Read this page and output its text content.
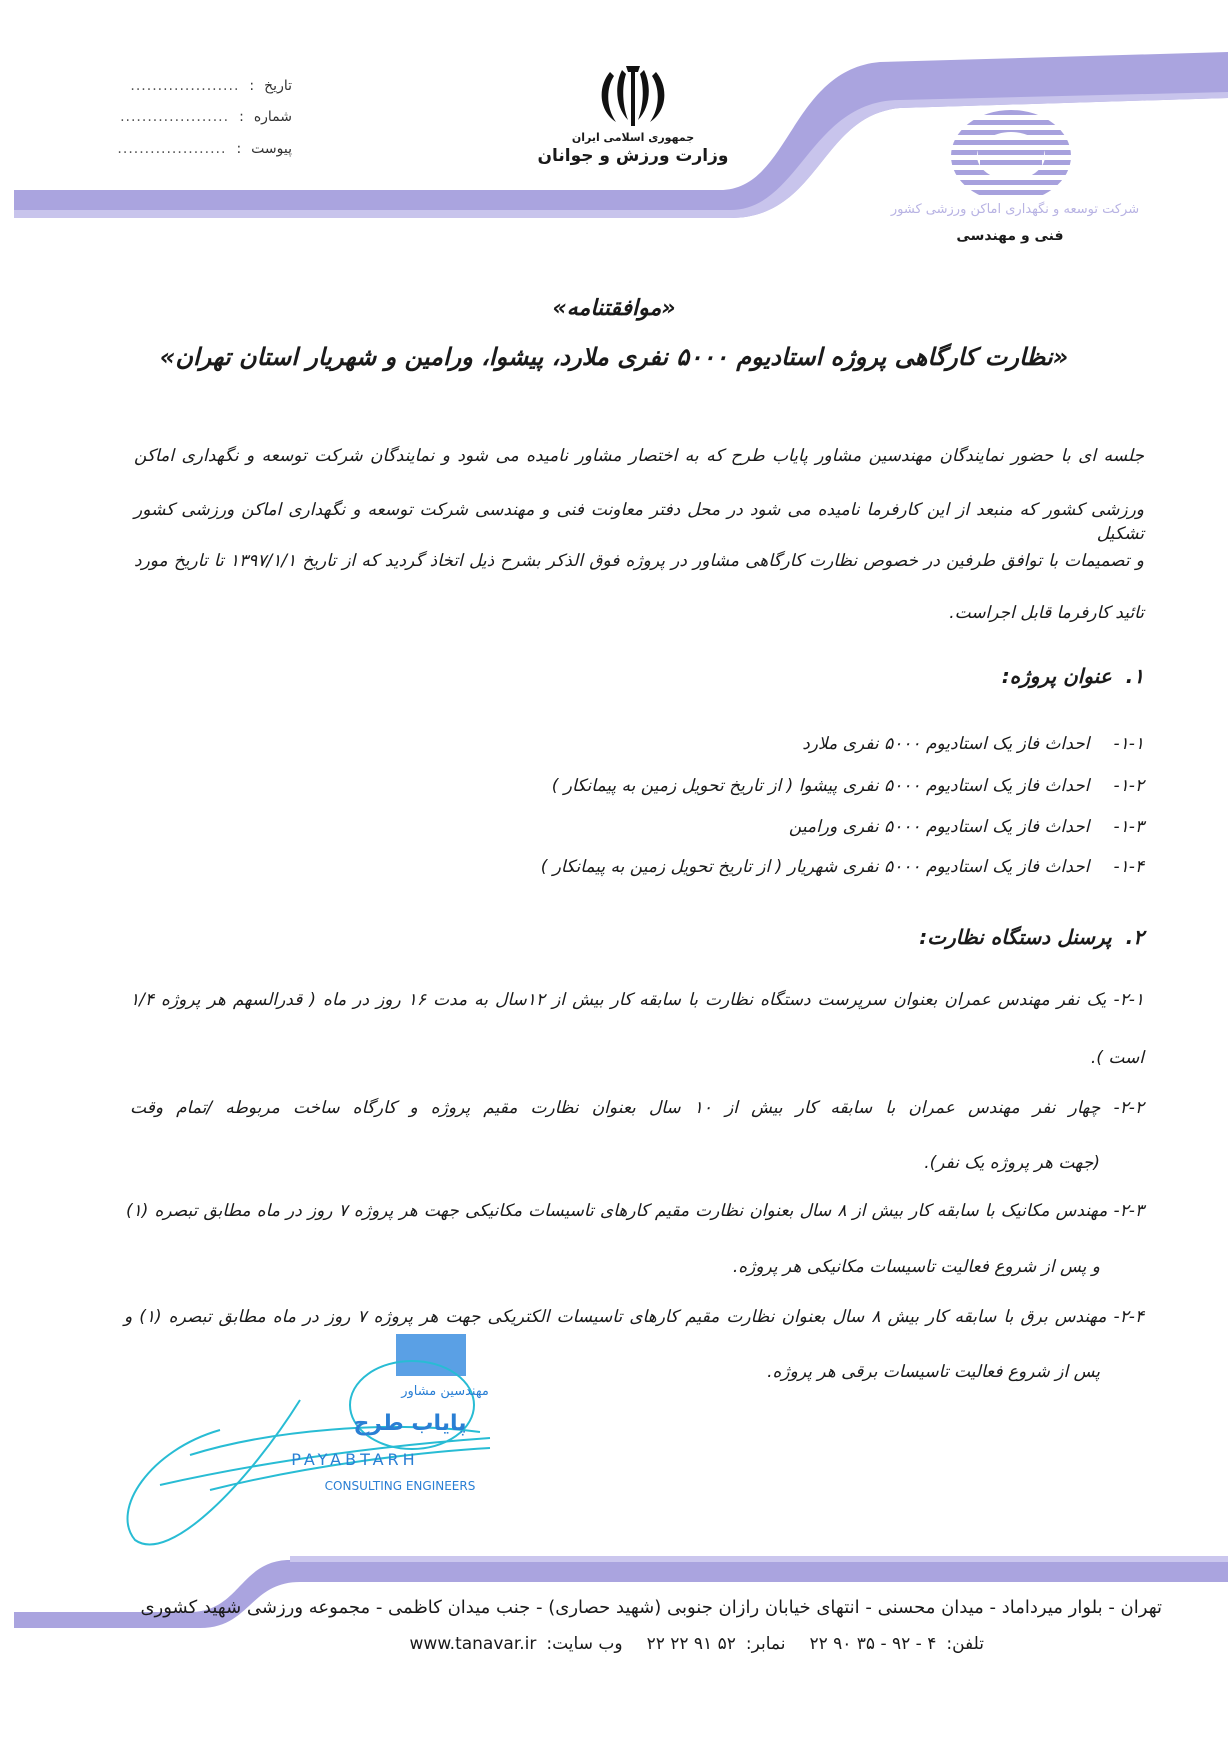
تاریخ
:
....................
شماره
:
....................
پیوست
:
....................
جمهوری اسلامی ایران
وزارت ورزش و جوانان
شرکت توسعه و نگهداری اماکن ورزشی کشور
فنی و مهندسی
«موافقتنامه»
«نظارت کارگاهی پروژه استادیوم ۵۰۰۰ نفری ملارد، پیشوا، ورامین و شهریار استان تهران»
مهندسین مشاور
پایاب طرح
PAYABTARH
CONSULTING ENGINEERS
جلسه ای با حضور نمایندگان مهندسین مشاور پایاب طرح که به اختصار مشاور نامیده می شود و نمایندگان شرکت توسعه و نگهداری اماکن
ورزشی کشور که منبعد از این کارفرما نامیده می شود در محل دفتر معاونت فنی و مهندسی شرکت توسعه و نگهداری اماکن ورزشی کشور تشکیل
و تصمیمات با توافق طرفین در خصوص نظارت کارگاهی مشاور در پروژه فوق الذکر بشرح ذیل اتخاذ گردید که از تاریخ ۱۳۹۷/۱/۱ تا تاریخ مورد
تائید کارفرما قابل اجراست.
۱.عنوان پروژه:
۱-۱-احداث فاز یک استادیوم ۵۰۰۰ نفری ملارد
۱-۲-احداث فاز یک استادیوم ۵۰۰۰ نفری پیشوا ( از تاریخ تحویل زمین به پیمانکار )
۱-۳-احداث فاز یک استادیوم ۵۰۰۰ نفری ورامین
۱-۴-احداث فاز یک استادیوم ۵۰۰۰ نفری شهریار ( از تاریخ تحویل زمین به پیمانکار )
۲.پرسنل دستگاه نظارت:
۲-۱- یک نفر مهندس عمران بعنوان سرپرست دستگاه نظارت با سابقه کار بیش از ۱۲سال به مدت ۱۶ روز در ماه ( قدرالسهم هر پروژه ۱/۴
است ).
۲-۲- چهار نفر مهندس عمران با سابقه کار بیش از ۱۰ سال بعنوان نظارت مقیم پروژه و کارگاه ساخت مربوطه /تمام وقت
(جهت هر پروژه یک نفر).
۲-۳- مهندس مکانیک با سابقه کار بیش از ۸ سال بعنوان نظارت مقیم کارهای تاسیسات مکانیکی جهت هر پروژه ۷ روز در ماه مطابق تبصره (۱)
و پس از شروع فعالیت تاسیسات مکانیکی هر پروژه.
۲-۴- مهندس برق با سابقه کار بیش ۸ سال بعنوان نظارت مقیم کارهای تاسیسات الکتریکی جهت هر پروژه ۷ روز در ماه مطابق تبصره (۱) و
پس از شروع فعالیت تاسیسات برقی هر پروژه.
تهران - بلوار میرداماد - میدان محسنی - انتهای خیابان رازان جنوبی (شهید حصاری) - جنب میدان کاظمی - مجموعه ورزشی شهید کشوری
تلفن:
۴ - ۹۲ - ۳۵ ۹۰ ۲۲
نمابر:
۵۲ ۹۱ ۲۲ ۲۲
وب سایت:
www.tanavar.ir
